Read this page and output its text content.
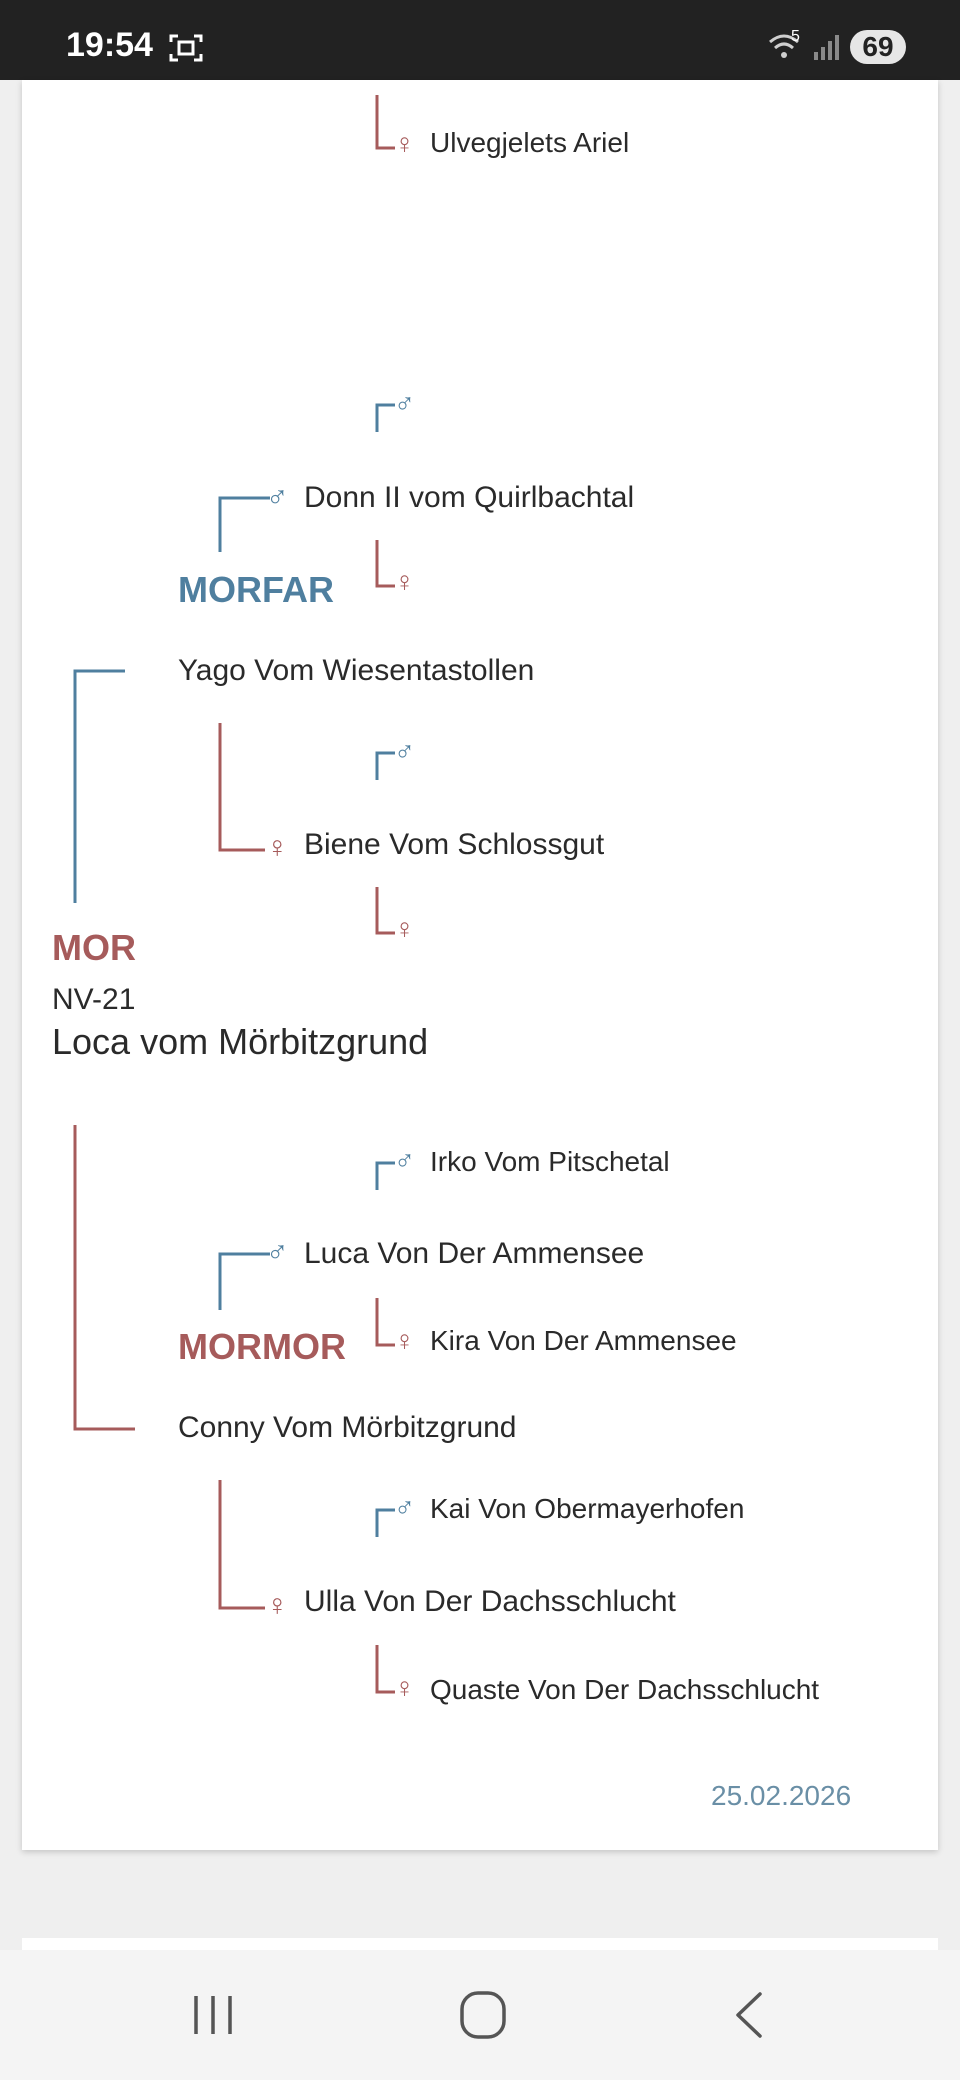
19:54	5	69
♀ Ulvegjelets Ariel
♂
♂ Donn II vom Quirlbachtal
MORFAR ♀
Yago Vom Wiesentastollen
♂
♀ Biene Vom Schlossgut
♀
MOR
NV-21
Loca vom Mörbitzgrund
♂ Irko Vom Pitschetal
♂ Luca Von Der Ammensee
MORMOR ♀ Kira Von Der Ammensee
Conny Vom Mörbitzgrund
♂ Kai Von Obermayerhofen
♀ Ulla Von Der Dachsschlucht
♀ Quaste Von Der Dachsschlucht
25.02.2026
